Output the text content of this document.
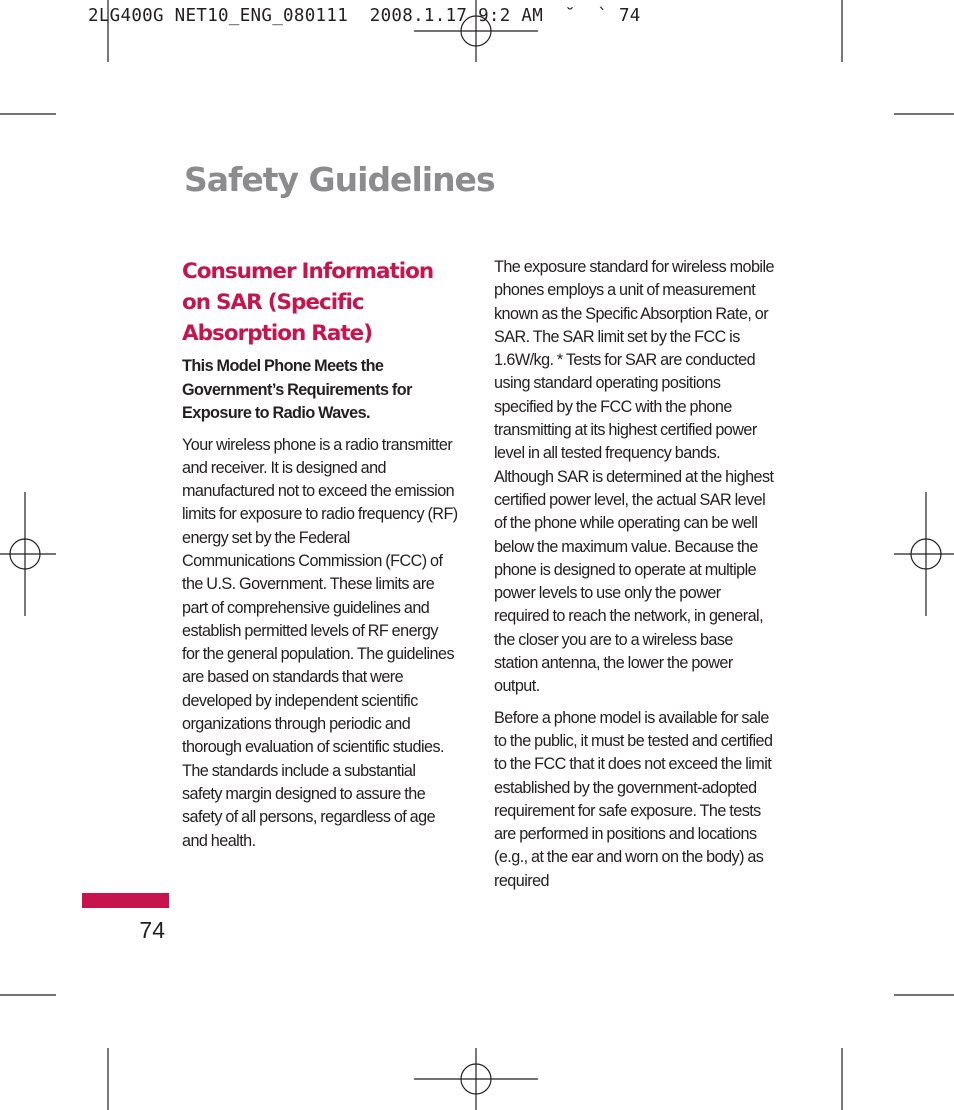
2LG400G NET10_ENG_080111  2008.1.17 9:2 AM  ˘  ` 74
Safety Guidelines
Consumer Information on SAR (Specific Absorption Rate)
This Model Phone Meets the Government’s Requirements for Exposure to Radio Waves.

Your wireless phone is a radio transmitter and receiver. It is designed and manufactured not to exceed the emission limits for exposure to radio frequency (RF) energy set by the Federal Communications Commission (FCC) of the U.S. Government. These limits are part of comprehensive guidelines and establish permitted levels of RF energy for the general population. The guidelines are based on standards that were developed by independent scientific organizations through periodic and thorough evaluation of scientific studies. The standards include a substantial safety margin designed to assure the safety of all persons, regardless of age and health.

The exposure standard for wireless mobile phones employs a unit of measurement known as the Specific Absorption Rate, or SAR. The SAR limit set by the FCC is 1.6W/kg. * Tests for SAR are conducted using standard operating positions specified by the FCC with the phone transmitting at its highest certified power level in all tested frequency bands. Although SAR is determined at the highest certified power level, the actual SAR level of the phone while operating can be well below the maximum value. Because the phone is designed to operate at multiple power levels to use only the power required to reach the network, in general, the closer you are to a wireless base station antenna, the lower the power output.

Before a phone model is available for sale to the public, it must be tested and certified to the FCC that it does not exceed the limit established by the government-adopted requirement for safe exposure. The tests are performed in positions and locations (e.g., at the ear and worn on the body) as required

74
